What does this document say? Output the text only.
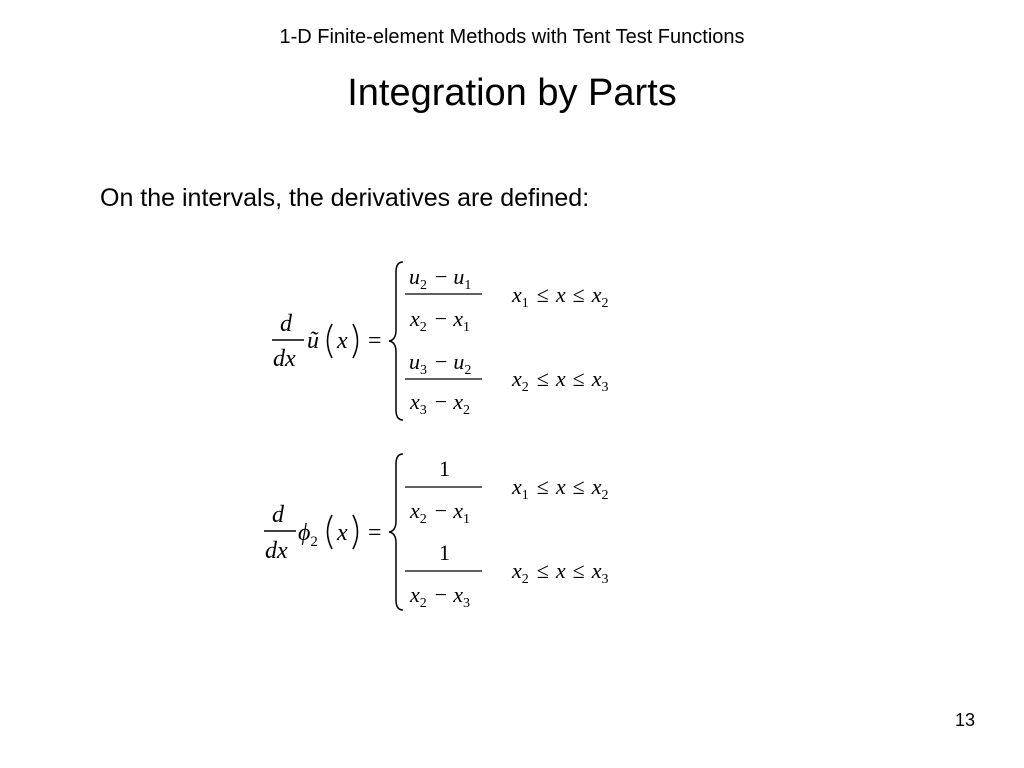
1-D Finite-element Methods with Tent Test Functions
Integration by Parts
On the intervals, the derivatives are defined:
d
dx
ũ x =
$u_2 - u_1$
$x_2 - x_1$
$x_1 \le x \le x_2$
$u_3 - u_2$
$x_3 - x_2$
$x_2 \le x \le x_3$
d
dx
$\phi_2$ x =
1
$x_2 - x_1$
$x_1 \le x \le x_2$
1
$x_2 - x_3$
$x_2 \le x \le x_3$
13
